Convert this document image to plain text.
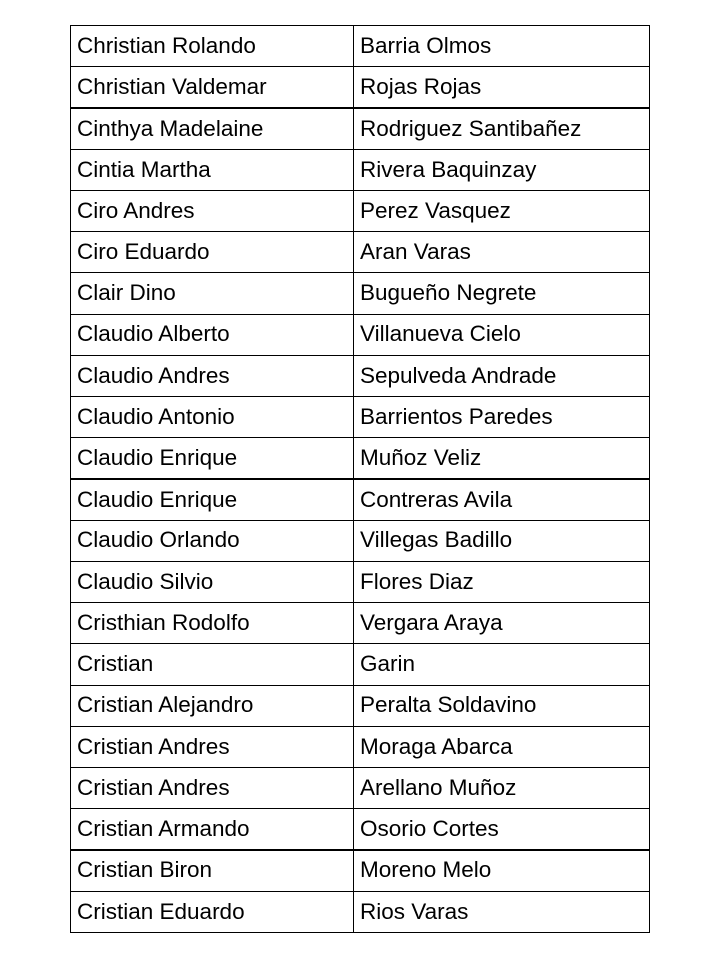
Christian Rolando	Barria Olmos
Christian Valdemar	Rojas Rojas
Cinthya Madelaine	Rodriguez Santibañez
Cintia Martha	Rivera Baquinzay
Ciro Andres	Perez Vasquez
Ciro Eduardo	Aran Varas
Clair Dino	Bugueño Negrete
Claudio Alberto	Villanueva Cielo
Claudio Andres	Sepulveda Andrade
Claudio Antonio	Barrientos Paredes
Claudio Enrique	Muñoz Veliz
Claudio Enrique	Contreras Avila
Claudio Orlando	Villegas Badillo
Claudio Silvio	Flores Diaz
Cristhian Rodolfo	Vergara Araya
Cristian	Garin
Cristian Alejandro	Peralta Soldavino
Cristian Andres	Moraga Abarca
Cristian Andres	Arellano Muñoz
Cristian Armando	Osorio Cortes
Cristian Biron	Moreno Melo
Cristian Eduardo	Rios Varas
